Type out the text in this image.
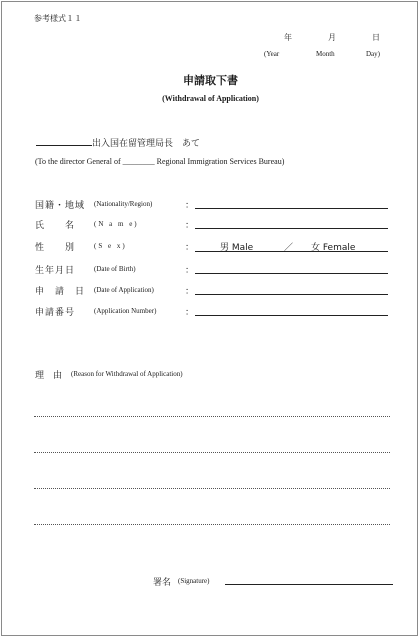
参考様式１１
年	月	日
(Year	Month	Day)
申請取下書
(Withdrawal of Application)
出入国在留管理局長　あて
(To the director General of ________ Regional Immigration Services Bureau)
国籍・地域 (Nationality/Region)	：
氏　　名	(N a m e)	：
性　　別	(S e x)	：	男 Male	／ 女 Female
生年月日	(Date of Birth)	：
申　請　日 (Date of Application)	：
申請番号	(Application Number)	：
理　由 (Reason for Withdrawal of Application)
署名 (Signature)
